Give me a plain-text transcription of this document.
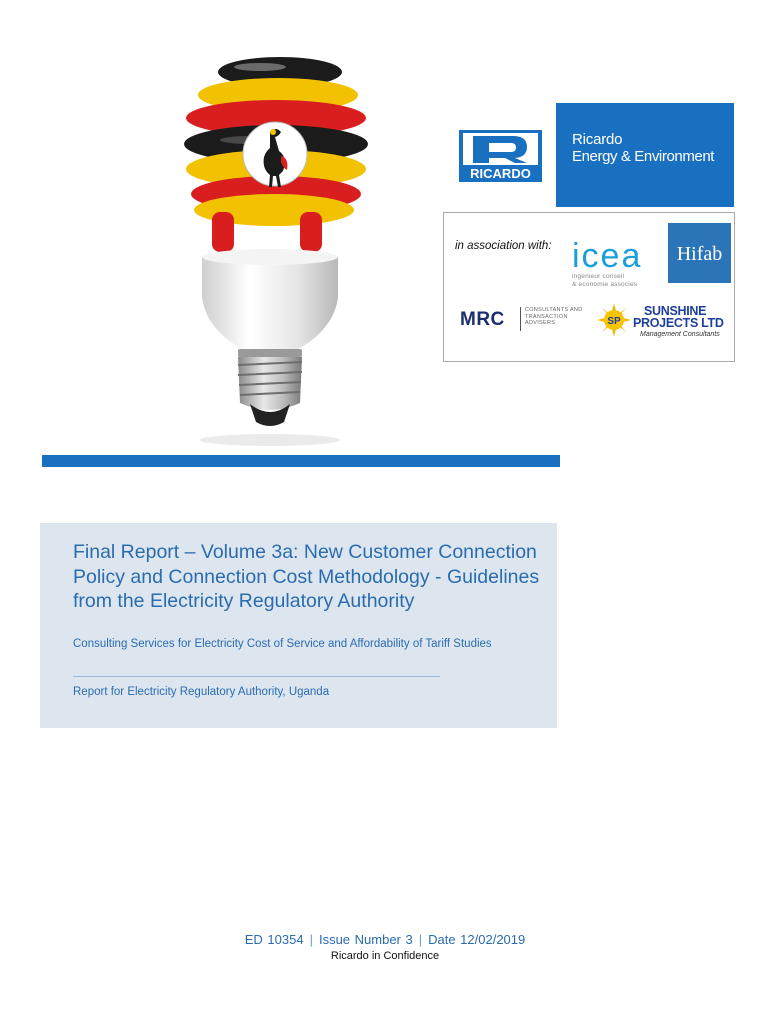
RICARDO
Ricardo
Energy & Environment
in association with: icea
ingenieur conseil
& economie associes
Hifab
MRC	CONSULTANTS AND TRANSACTION ADVISERS	SP
SUNSHINE
PROJECTS LTD
Management Consultants
Final Report – Volume 3a: New Customer Connection Policy and Connection Cost Methodology - Guidelines from the Electricity Regulatory Authority
Consulting Services for Electricity Cost of Service and Affordability of Tariff Studies
Report for Electricity Regulatory Authority, Uganda
ED 10354 | Issue Number 3 | Date 12/02/2019
Ricardo in Confidence
